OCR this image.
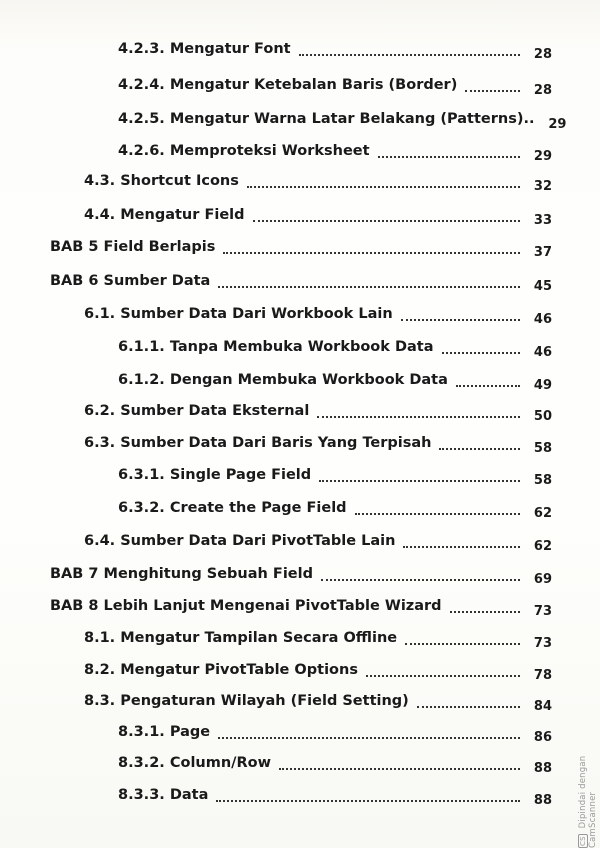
4.2.3. Mengatur Font	28
4.2.4. Mengatur Ketebalan Baris (Border)	28
4.2.5. Mengatur Warna Latar Belakang (Patterns)..	29
4.2.6. Memproteksi Worksheet	29
4.3. Shortcut Icons	32
4.4. Mengatur Field	33
BAB 5 Field Berlapis	37
BAB 6 Sumber Data	45
6.1. Sumber Data Dari Workbook Lain	46
6.1.1. Tanpa Membuka Workbook Data	46
6.1.2. Dengan Membuka Workbook Data	49
6.2. Sumber Data Eksternal	50
6.3. Sumber Data Dari Baris Yang Terpisah	58
6.3.1. Single Page Field	58
6.3.2. Create the Page Field	62
6.4. Sumber Data Dari PivotTable Lain	62
BAB 7 Menghitung Sebuah Field	69
BAB 8 Lebih Lanjut Mengenai PivotTable Wizard	73
8.1. Mengatur Tampilan Secara Offline	73
8.2. Mengatur PivotTable Options	78
8.3. Pengaturan Wilayah (Field Setting)	84
8.3.1. Page	86
8.3.2. Column/Row	88
8.3.3. Data	88
CS Dipindai dengan CamScanner
